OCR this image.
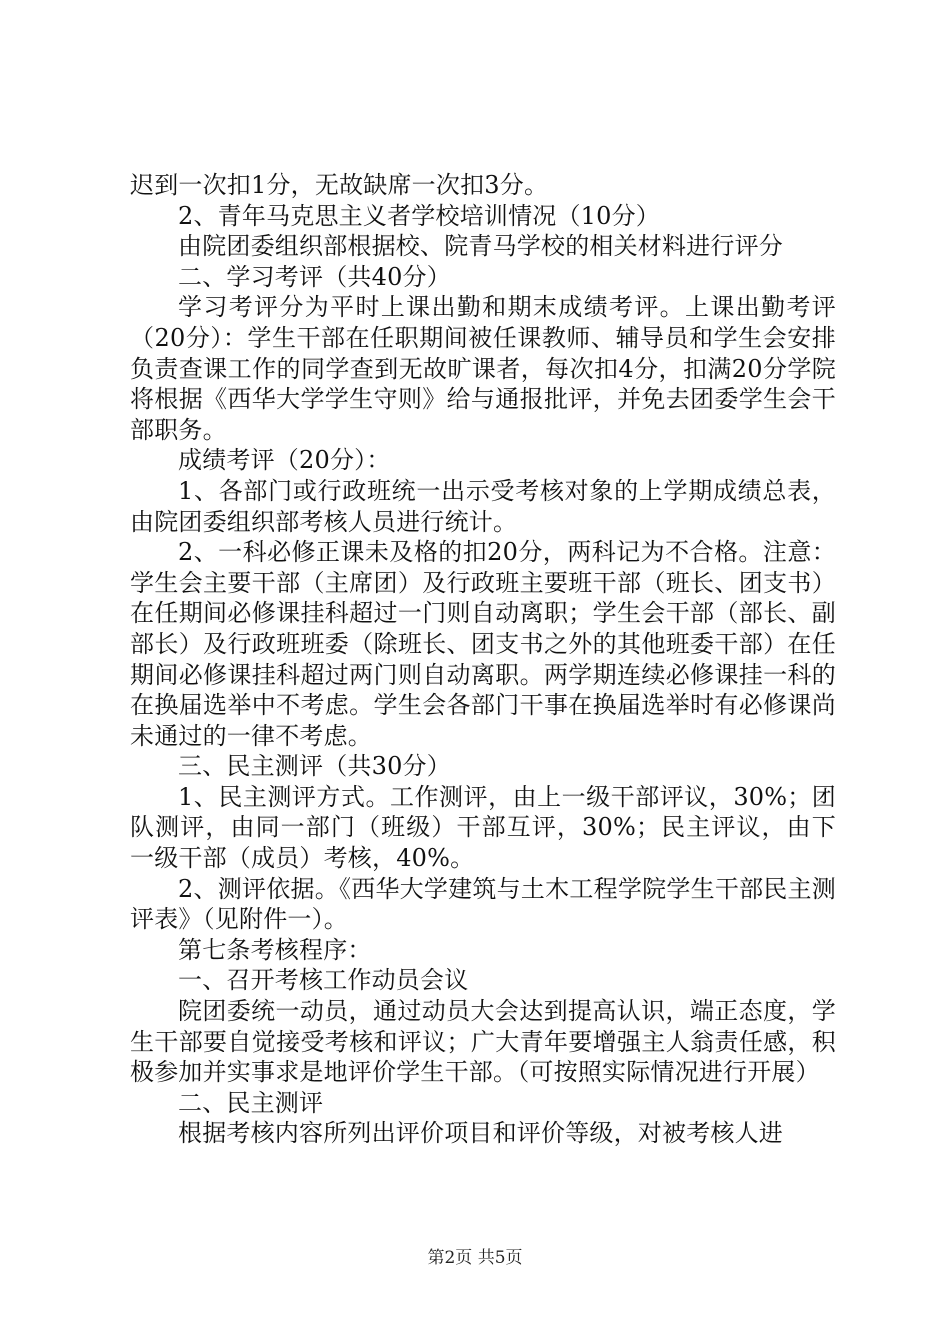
迟到一次扣1分，无故缺席一次扣3分。

2、青年马克思主义者学校培训情况（10分）

由院团委组织部根据校、院青马学校的相关材料进行评分

二、学习考评（共40分）

学习考评分为平时上课出勤和期末成绩考评。上课出勤考评（20分）：学生干部在任职期间被任课教师、辅导员和学生会安排负责查课工作的同学查到无故旷课者，每次扣4分，扣满20分学院将根据《西华大学学生守则》给与通报批评，并免去团委学生会干部职务。

成绩考评（20分）：

1、各部门或行政班统一出示受考核对象的上学期成绩总表，由院团委组织部考核人员进行统计。

2、一科必修正课未及格的扣20分，两科记为不合格。注意：学生会主要干部（主席团）及行政班主要班干部（班长、团支书）在任期间必修课挂科超过一门则自动离职；学生会干部（部长、副部长）及行政班班委（除班长、团支书之外的其他班委干部）在任期间必修课挂科超过两门则自动离职。两学期连续必修课挂一科的在换届选举中不考虑。学生会各部门干事在换届选举时有必修课尚未通过的一律不考虑。

三、民主测评（共30分）

1、民主测评方式。工作测评，由上一级干部评议，30%；团队测评，由同一部门（班级）干部互评，30%；民主评议，由下一级干部（成员）考核，40%。

2、测评依据。《西华大学建筑与土木工程学院学生干部民主测评表》（见附件一）。

第七条考核程序：

一、召开考核工作动员会议

院团委统一动员，通过动员大会达到提高认识，端正态度，学生干部要自觉接受考核和评议；广大青年要增强主人翁责任感，积极参加并实事求是地评价学生干部。（可按照实际情况进行开展）

二、民主测评

根据考核内容所列出评价项目和评价等级，对被考核人进

第2页 共5页
